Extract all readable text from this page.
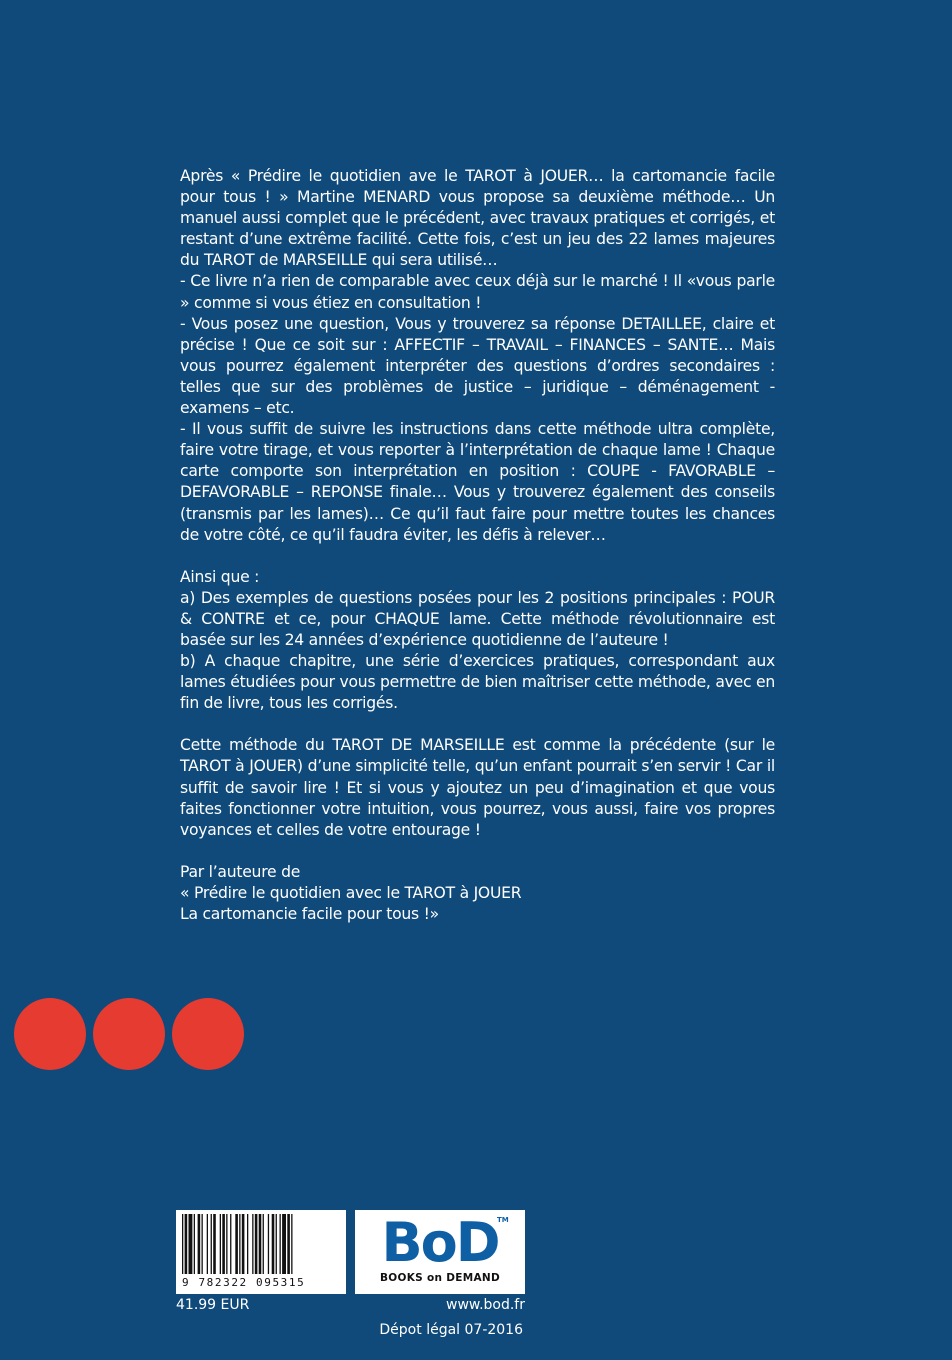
Après « Prédire le quotidien ave le TAROT à JOUER… la cartomancie facile pour tous ! » Martine MENARD vous propose sa deuxième méthode… Un manuel aussi complet que le précédent, avec travaux pratiques et corrigés, et restant d’une extrême facilité. Cette fois, c’est un jeu des 22 lames majeures du TAROT de MARSEILLE qui sera utilisé…

- Ce livre n’a rien de comparable avec ceux déjà sur le marché ! Il «vous parle » comme si vous étiez en consultation !

- Vous posez une question, Vous y trouverez sa réponse DETAILLEE, claire et précise ! Que ce soit sur : AFFECTIF – TRAVAIL – FINANCES – SANTE… Mais vous pourrez également interpréter des questions d’ordres secondaires : telles que sur des problèmes de justice – juridique – déménagement - examens – etc.

- Il vous suffit de suivre les instructions dans cette méthode ultra complète, faire votre tirage, et vous reporter à l’interprétation de chaque lame ! Chaque carte comporte son interprétation en position : COUPE - FAVORABLE – DEFAVORABLE – REPONSE finale… Vous y trouverez également des conseils (transmis par les lames)… Ce qu’il faut faire pour mettre toutes les chances de votre côté, ce qu’il faudra éviter, les défis à relever…

Ainsi que :

a) Des exemples de questions posées pour les 2 positions principales : POUR & CONTRE et ce, pour CHAQUE lame. Cette méthode révolutionnaire est basée sur les 24 années d’expérience quotidienne de l’auteure !

b) A chaque chapitre, une série d’exercices pratiques, correspondant aux lames étudiées pour vous permettre de bien maîtriser cette méthode, avec en fin de livre, tous les corrigés.

Cette méthode du TAROT DE MARSEILLE est comme la précédente (sur le TAROT à JOUER) d’une simplicité telle, qu’un enfant pourrait s’en servir ! Car il suffit de savoir lire ! Et si vous y ajoutez un peu d’imagination et que vous faites fonctionner votre intuition, vous pourrez, vous aussi, faire vos propres voyances et celles de votre entourage !

Par l’auteure de

« Prédire le quotidien avec le TAROT à JOUER

La cartomancie facile pour tous !»

9 782322 095315
BoD
TM
BOOKS on DEMAND
41.99 EUR	www.bod.fr
Dépot légal 07-2016
